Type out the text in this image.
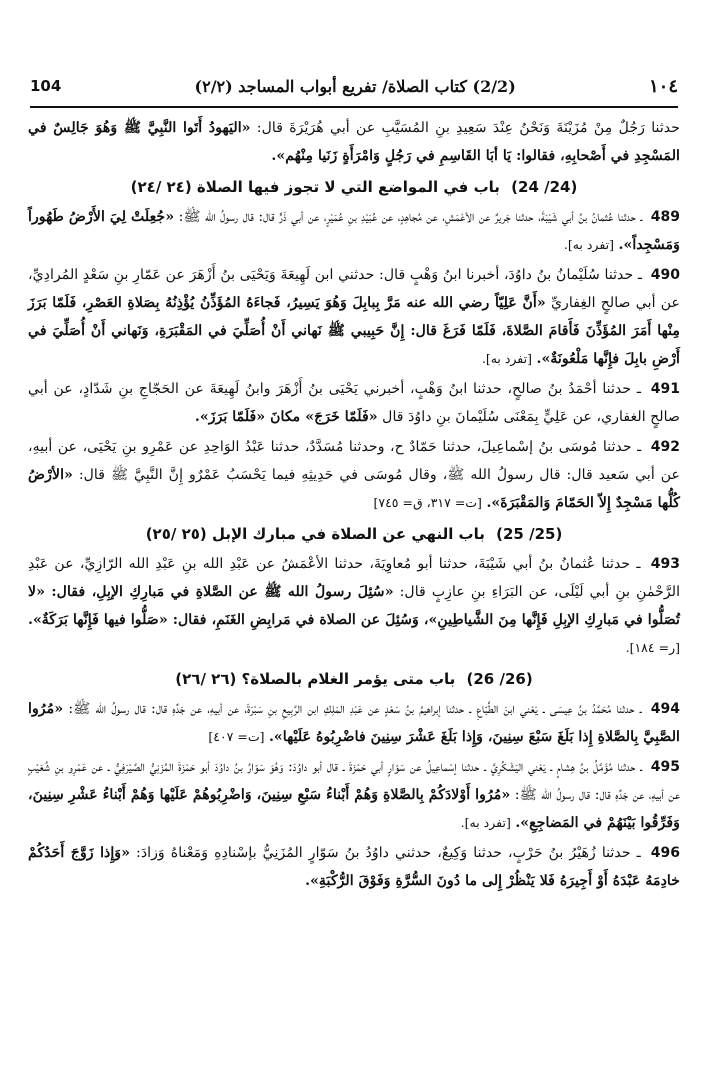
104	(2/2) كتاب الصلاة/ تفريع أبواب المساجد (٢/٢)	١٠٤

حدثنا رَجُلٌ مِنْ مُزَيْنَةَ وَنَحْنُ عِنْدَ سَعِيدِ بنِ المُسَيَّبِ عن أبي هُرَيْرَةَ قال: «اليَهودُ أَتَوا النَّبِيَّ ﷺ وَهُوَ جَالِسٌ في المَسْجِدِ في أَصْحابِهِ، فقالوا: يَا أبَا القَاسِمِ في رَجُلٍ وَامْرَأَةٍ زَنَيا مِنْهُم».

(24 /24) باب في المواضع التي لا تجوز فيها الصلاة (٢٤ /٢٤)

489 ـ حدثنا عُثمانُ بنُ أبي شَيْبَةَ، حدثنا جَريرٌ عن الأعْمَشِ، عن مُجاهِدٍ، عن عُبَيْدِ بنِ عُمَيْرٍ، عن أبي ذَرٍّ قال: قال رسولُ الله ﷺ: «جُعِلَتْ لِيَ الأَرْضُ طَهُوراً وَمَسْجِداً». [تفرد به].

490 ـ حدثنا سُلَيْمانُ بنُ داوُدَ، أخبرنا ابنُ وَهْبٍ قال: حدثني ابن لَهِيعَةَ وَيَحْيَى بنُ أَزْهَرَ عن عَمّارِ بنِ سَعْدٍ المُرادِيِّ، عن أبي صالحٍ الغِفاريِّ «أَنَّ عَلِيّاً رضي الله عنه مَرَّ بِبابِلَ وَهُوَ يَسِيرُ، فَجاءَهُ المُؤَذِّنُ يُؤْذِنُهُ بِصَلاةِ العَصْرِ، فَلَمّا بَرَزَ مِنْها أَمَرَ المُؤَذِّنَ فَأَقامَ الصَّلاةَ، فَلَمّا فَرَغَ قال: إِنَّ حَبِيبي ﷺ نَهاني أَنْ أُصَلِّيَ في المَقْبَرَةِ، وَنَهاني أَنْ أُصَلِّيَ في أَرْضِ بابِلَ فإِنَّها مَلْعُونَةٌ». [تفرد به].

491 ـ حدثنا أحْمَدُ بنُ صالحٍ، حدثنا ابنُ وَهْبٍ، أخبرني يَحْيَى بنُ أَزْهَرَ وابنُ لَهِيعَةَ عن الحَجّاجِ بنِ شَدّادٍ، عن أبي صالحٍ الغفاري، عن عَلِيٍّ بِمَعْنَى سُلَيْمانَ بنِ داوُدَ قال «فَلَمّا خَرَجَ» مكانَ «فَلَمّا بَرَزَ».

492 ـ حدثنا مُوسَى بنُ إسْماعِيلَ، حدثنا حَمّادٌ ح، وحدثنا مُسَدَّدٌ، حدثنا عَبْدُ الوَاحِدِ عن عَمْرِو بنِ يَحْيَى، عن أبيهِ، عن أبي سَعيد قال: قال رسولُ الله ﷺ، وقال مُوسَى في حَدِيثِهِ فيما يَحْسَبُ عَمْرٌو إِنَّ النَّبِيَّ ﷺ قال: «الأرْضُ كُلُّها مَسْجِدٌ إِلاّ الحَمّامَ وَالمَقْبَرَةَ». [ت= ٣١٧، ق= ٧٤٥]

(25 /25) باب النهي عن الصلاة في مبارك الإبل (٢٥ /٢٥)

493 ـ حدثنا عُثمانُ بنُ أبي شَيْبَةَ، حدثنا أبو مُعاوِيَةَ، حدثنا الأعْمَشُ عن عَبْدِ الله بنِ عَبْدِ الله الرّازِيِّ، عن عَبْدِ الرَّحْمٰنِ بنِ أبي لَيْلَى، عن البَرَاءِ بنِ عازِبٍ قال: «سُئِلَ رسولُ الله ﷺ عن الصَّلاةِ في مَبارِكِ الإبِلِ، فقال: «لا تُصَلُّوا في مَبارِكِ الإبِلِ فَإِنَّها مِنَ الشَّياطِينِ»، وَسُئِلَ عن الصلاة في مَرابِضِ الغَنَمِ، فقال: «صَلُّوا فيها فَإِنَّها بَرَكَةٌ». [ر= ١٨٤].

(26 /26) باب متى يؤمر الغلام بالصلاة؟ (٢٦ /٢٦)

494 ـ حدثنا مُحَمَّدُ بنُ عِيسَى ـ يَعْني ابنَ الطَّبّاعِ ـ حدثنا إبراهيمُ بنُ سَعْدٍ عن عَبْدِ المَلِكِ ابن الرَّبِيعِ بنِ سَبْرَةَ، عن أبيهِ، عن جَدِّهِ قال: قال رسولُ الله ﷺ: «مُرُوا الصَّبِيَّ بِالصَّلاةِ إِذا بَلَغَ سَبْعَ سِنِينَ، وَإِذا بَلَغَ عَشْرَ سِنِينَ فاضْرِبُوهُ عَلَيْها». [ت= ٤٠٧]

495 ـ حدثنا مُؤَمَّلُ بنُ هِشامٍ ـ يَعْني اليَشْكُرِيَّ ـ حدثنا إسْماعِيلُ عن سَوّارٍ أبي حَمْزَةَ ـ قال أبو داوُدَ: وَهُوَ سَوّارُ بنُ داوُدَ أبو حَمْزَةَ المُزَنِيُّ الصَّيْرَفِيُّ ـ عن عَمْرِو بنِ شُعَيْبٍ عن أبيهِ، عن جَدِّهِ قال: قال رسولُ الله ﷺ: «مُرُوا أَوْلادَكُمْ بِالصَّلاةِ وَهُمْ أَبْناءُ سَبْعِ سِنِينَ، وَاضْرِبُوهُمْ عَلَيْها وَهُمْ أَبْناءُ عَشْرِ سِنِينَ، وَفَرِّقُوا بَيْنَهُمْ في المَضاجِعِ». [تفرد به].

496 ـ حدثنا زُهَيْرُ بنُ حَرْبٍ، حدثنا وَكِيعٌ، حدثني داوُدُ بنُ سَوّارٍ المُزَنِيُّ بإسْنادِهِ وَمَعْناهُ وَزادَ: «وَإِذا زَوَّجَ أَحَدُكُمْ خادِمَهُ عَبْدَهُ أَوْ أَجِيرَهُ فَلا يَنْظُرْ إِلى ما دُونَ السُّرَّةِ وَفَوْقَ الرُّكْبَةِ».
